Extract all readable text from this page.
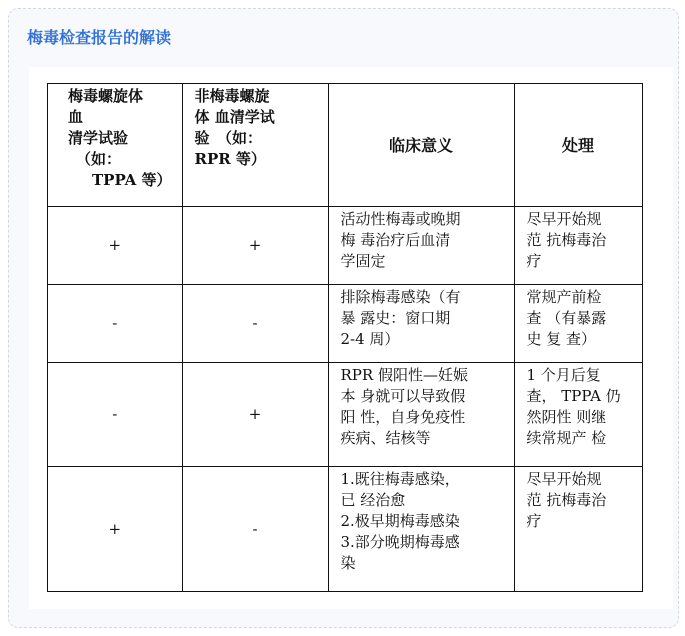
梅毒检查报告的解读
梅毒螺旋体
血
清学试验
（如：
TPPA 等）	非梅毒螺旋
体 血清学试
验　（如：
RPR 等）	临床意义	处理
+	+	活动性梅毒或晚期
梅 毒治疗后血清
学固定	尽早开始规
范 抗梅毒治
疗

-	-	排除梅毒感染（有
暴 露史：窗口期
2-4 周）	常规产前检
查 （有暴露
史 复 查）

-	+	RPR 假阳性—妊娠
本 身就可以导致假
阳 性，自身免疫性
疾病、结核等	1 个月后复
查， TPPA 仍
然阴性 则继
续常规产 检

+	-	1.既往梅毒感染，
已 经治愈
2.极早期梅毒感染
3.部分晚期梅毒感
染	尽早开始规
范 抗梅毒治
疗
